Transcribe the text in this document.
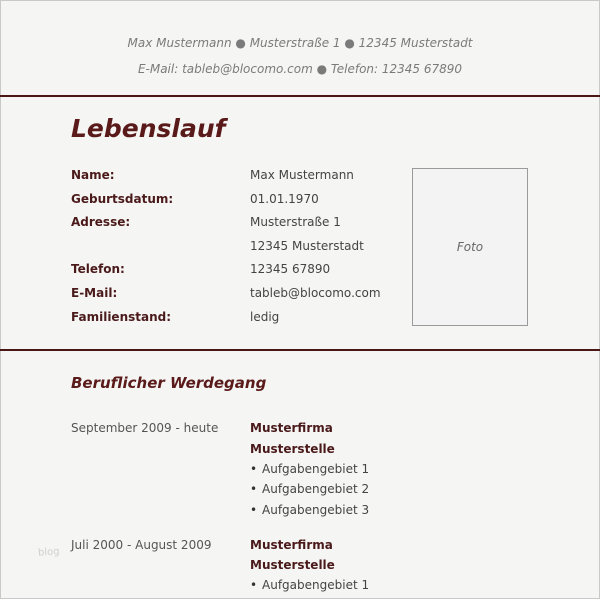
Max Mustermann ● Musterstraße 1 ● 12345 Musterstadt
E-Mail: tableb@blocomo.com ● Telefon: 12345 67890
Lebenslauf
Name:	Max Mustermann
Geburtsdatum:	01.01.1970
Adresse:	Musterstraße 1
12345 Musterstadt
Telefon:	12345 67890
E-Mail:	tableb@blocomo.com
Familienstand:	ledig
Foto
Beruflicher Werdegang
September 2009 - heute	Musterfirma
Musterstelle
• Aufgabengebiet 1
• Aufgabengebiet 2
• Aufgabengebiet 3
Juli 2000 - August 2009	Musterfirma
Musterstelle
• Aufgabengebiet 1
blog
